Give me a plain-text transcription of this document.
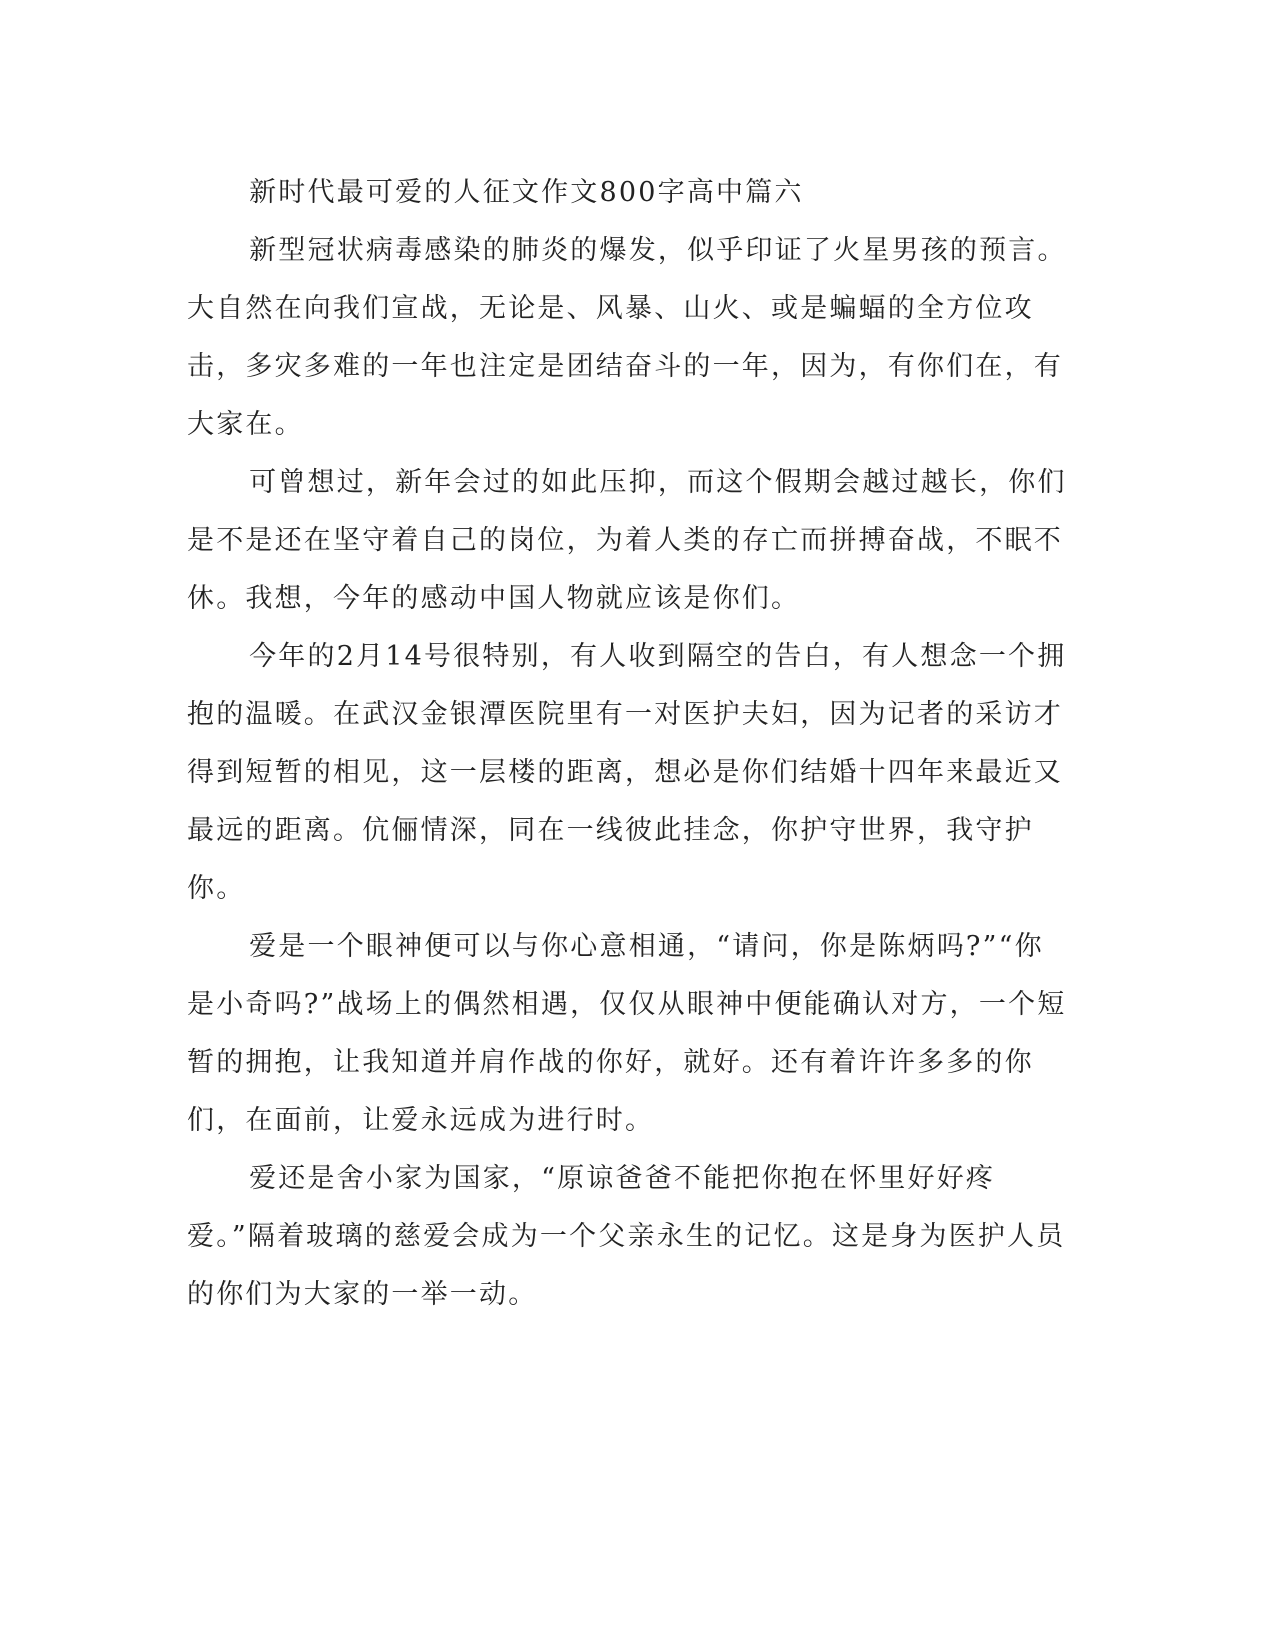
新时代最可爱的人征文作文800字高中篇六

新型冠状病毒感染的肺炎的爆发，似乎印证了火星男孩的预言。大自然在向我们宣战，无论是、风暴、山火、或是蝙蝠的全方位攻击，多灾多难的一年也注定是团结奋斗的一年，因为，有你们在，有大家在。

可曾想过，新年会过的如此压抑，而这个假期会越过越长，你们是不是还在坚守着自己的岗位，为着人类的存亡而拼搏奋战，不眠不休。我想，今年的感动中国人物就应该是你们。

今年的2月14号很特别，有人收到隔空的告白，有人想念一个拥抱的温暖。在武汉金银潭医院里有一对医护夫妇，因为记者的采访才得到短暂的相见，这一层楼的距离，想必是你们结婚十四年来最近又最远的距离。伉俪情深，同在一线彼此挂念，你护守世界，我守护你。

爱是一个眼神便可以与你心意相通，“请问，你是陈炳吗?”“你是小奇吗?”战场上的偶然相遇，仅仅从眼神中便能确认对方，一个短暂的拥抱，让我知道并肩作战的你好，就好。还有着许许多多的你们，在面前，让爱永远成为进行时。

爱还是舍小家为国家，“原谅爸爸不能把你抱在怀里好好疼爱。”隔着玻璃的慈爱会成为一个父亲永生的记忆。这是身为医护人员的你们为大家的一举一动。
